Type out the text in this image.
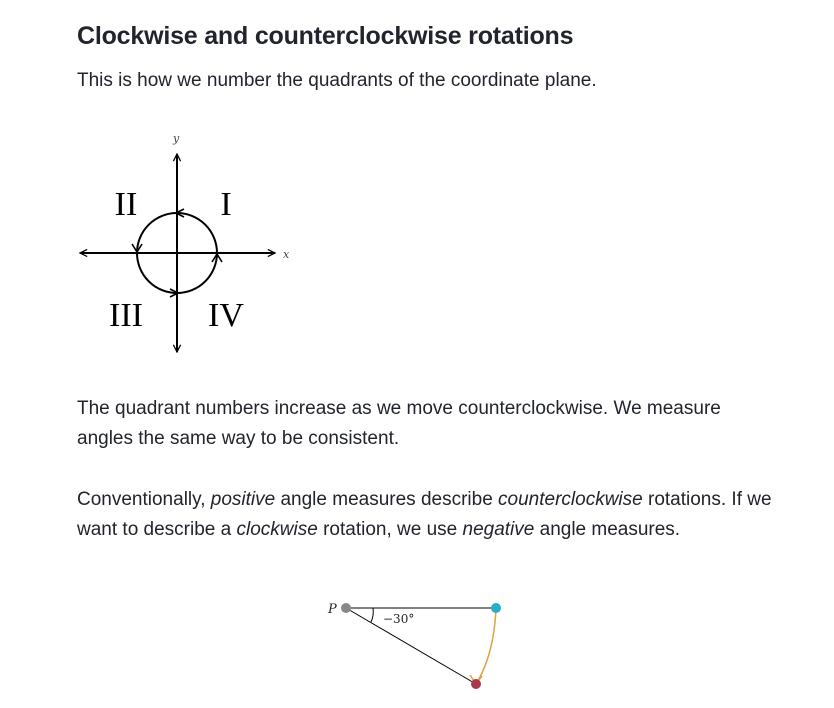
Clockwise and counterclockwise rotations

This is how we number the quadrants of the coordinate plane.

y
x
II I
III IV

The quadrant numbers increase as we move counterclockwise. We measure angles the same way to be consistent.

Conventionally, positive angle measures describe counterclockwise rotations. If we want to describe a clockwise rotation, we use negative angle measures.

P
−30°
